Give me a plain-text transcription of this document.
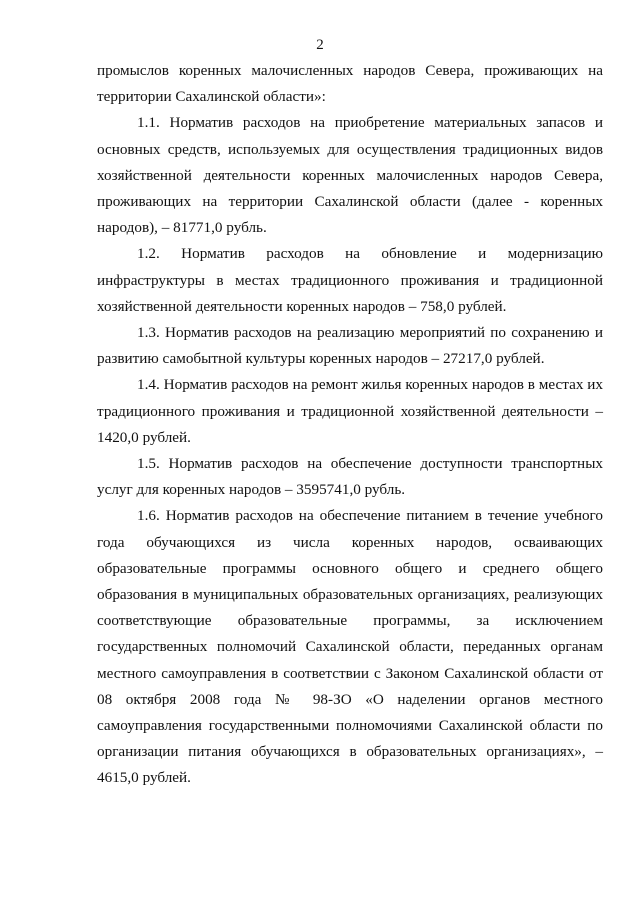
2

промыслов коренных малочисленных народов Севера, проживающих на территории Сахалинской области»:

1.1. Норматив расходов на приобретение материальных запасов и основных средств, используемых для осуществления традиционных видов хозяйственной деятельности коренных малочисленных народов Севера, проживающих на территории Сахалинской области (далее - коренных народов), – 81771,0 рубль.

1.2. Норматив расходов на обновление и модернизацию инфраструктуры в местах традиционного проживания и традиционной хозяйственной деятельности коренных народов – 758,0 рублей.

1.3. Норматив расходов на реализацию мероприятий по сохранению и развитию самобытной культуры коренных народов – 27217,0 рублей.

1.4. Норматив расходов на ремонт жилья коренных народов в местах их традиционного проживания и традиционной хозяйственной деятельности – 1420,0 рублей.

1.5. Норматив расходов на обеспечение доступности транспортных услуг для коренных народов – 3595741,0 рубль.

1.6. Норматив расходов на обеспечение питанием в течение учебного года обучающихся из числа коренных народов, осваивающих образовательные программы основного общего и среднего общего образования в муниципальных образовательных организациях, реализующих соответствующие образовательные программы, за исключением государственных полномочий Сахалинской области, переданных органам местного самоуправления в соответствии с Законом Сахалинской области от 08 октября 2008 года № 98-ЗО «О наделении органов местного самоуправления государственными полномочиями Сахалинской области по организации питания обучающихся в образовательных организациях», – 4615,0 рублей.
